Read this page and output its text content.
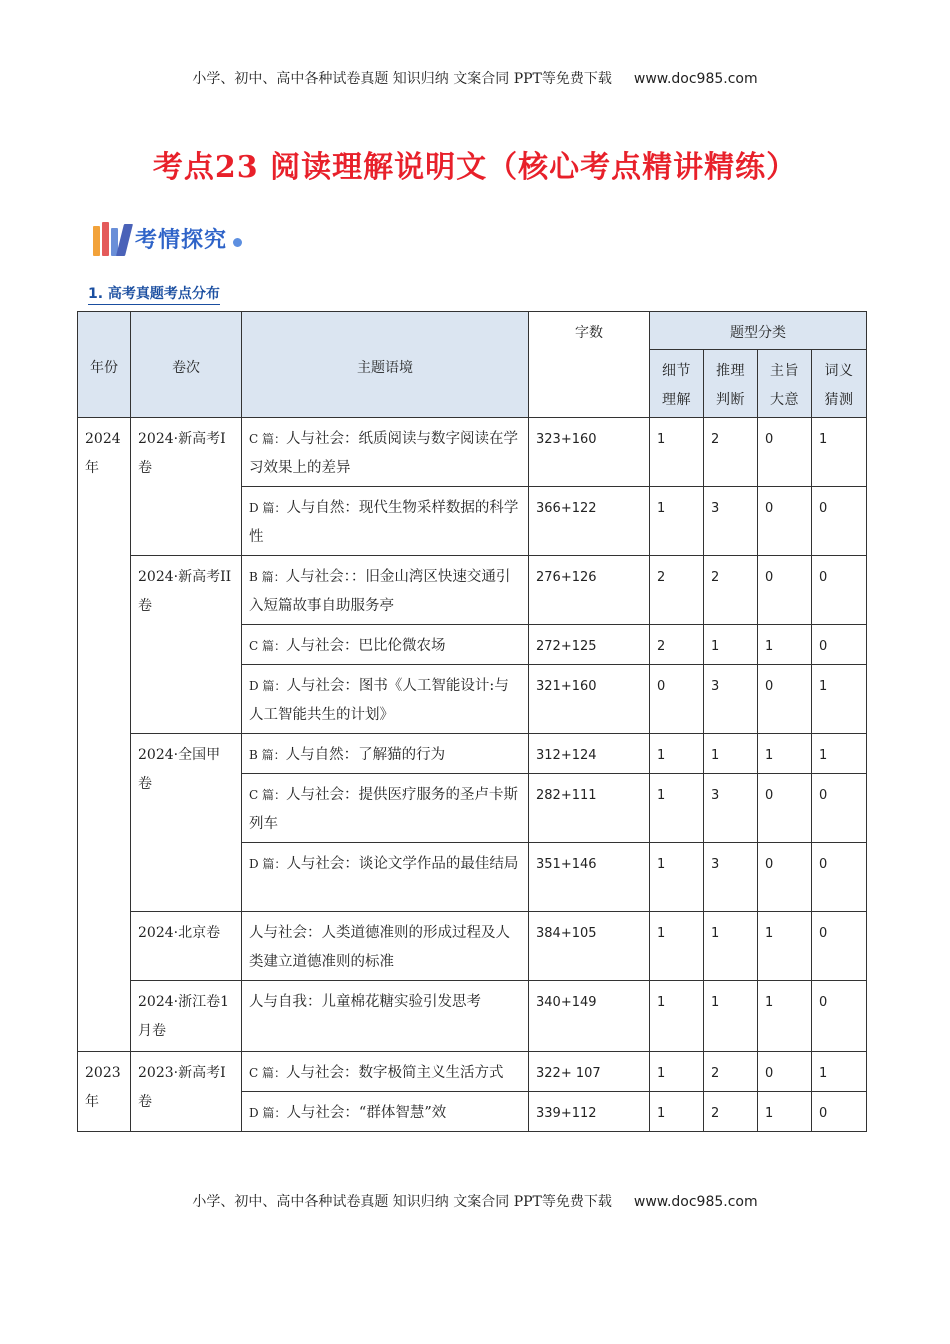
小学、初中、高中各种试卷真题 知识归纳 文案合同 PPT等免费下载 www.doc985.com
考点23 阅读理解说明文（核心考点精讲精练）
考情探究
1. 高考真题考点分布
年份	卷次	主题语境	字数	题型分类			
				细节理解	推理判断	主旨大意	词义猜测
2024年	2024·新高考I卷	C 篇：人与社会：纸质阅读与数字阅读在学习效果上的差异	323+160	1	2	0	1
		D 篇：人与自然：现代生物采样数据的科学性	366+122	1	3	0	0
	2024·新高考II卷	B 篇：人与社会：：旧金山湾区快速交通引入短篇故事自助服务亭	276+126	2	2	0	0
		C 篇：人与社会：巴比伦微农场	272+125	2	1	1	0
		D 篇：人与社会：图书《人工智能设计:与人工智能共生的计划》	321+160	0	3	0	1
	2024·全国甲卷	B 篇：人与自然：了解猫的行为	312+124	1	1	1	1
		C 篇：人与社会：提供医疗服务的圣卢卡斯列车	282+111	1	3	0	0
		D 篇：人与社会：谈论文学作品的最佳结局	351+146	1	3	0	0
	2024·北京卷	人与社会：人类道德准则的形成过程及人类建立道德准则的标准	384+105	1	1	1	0
	2024·浙江卷1月卷	人与自我：儿童棉花糖实验引发思考	340+149	1	1	1	0
2023年	2023·新高考I卷	C 篇：人与社会：数字极简主义生活方式	322+ 107	1	2	0	1
		D 篇：人与社会：“群体智慧”效	339+112	1	2	1	0
小学、初中、高中各种试卷真题 知识归纳 文案合同 PPT等免费下载 www.doc985.com
